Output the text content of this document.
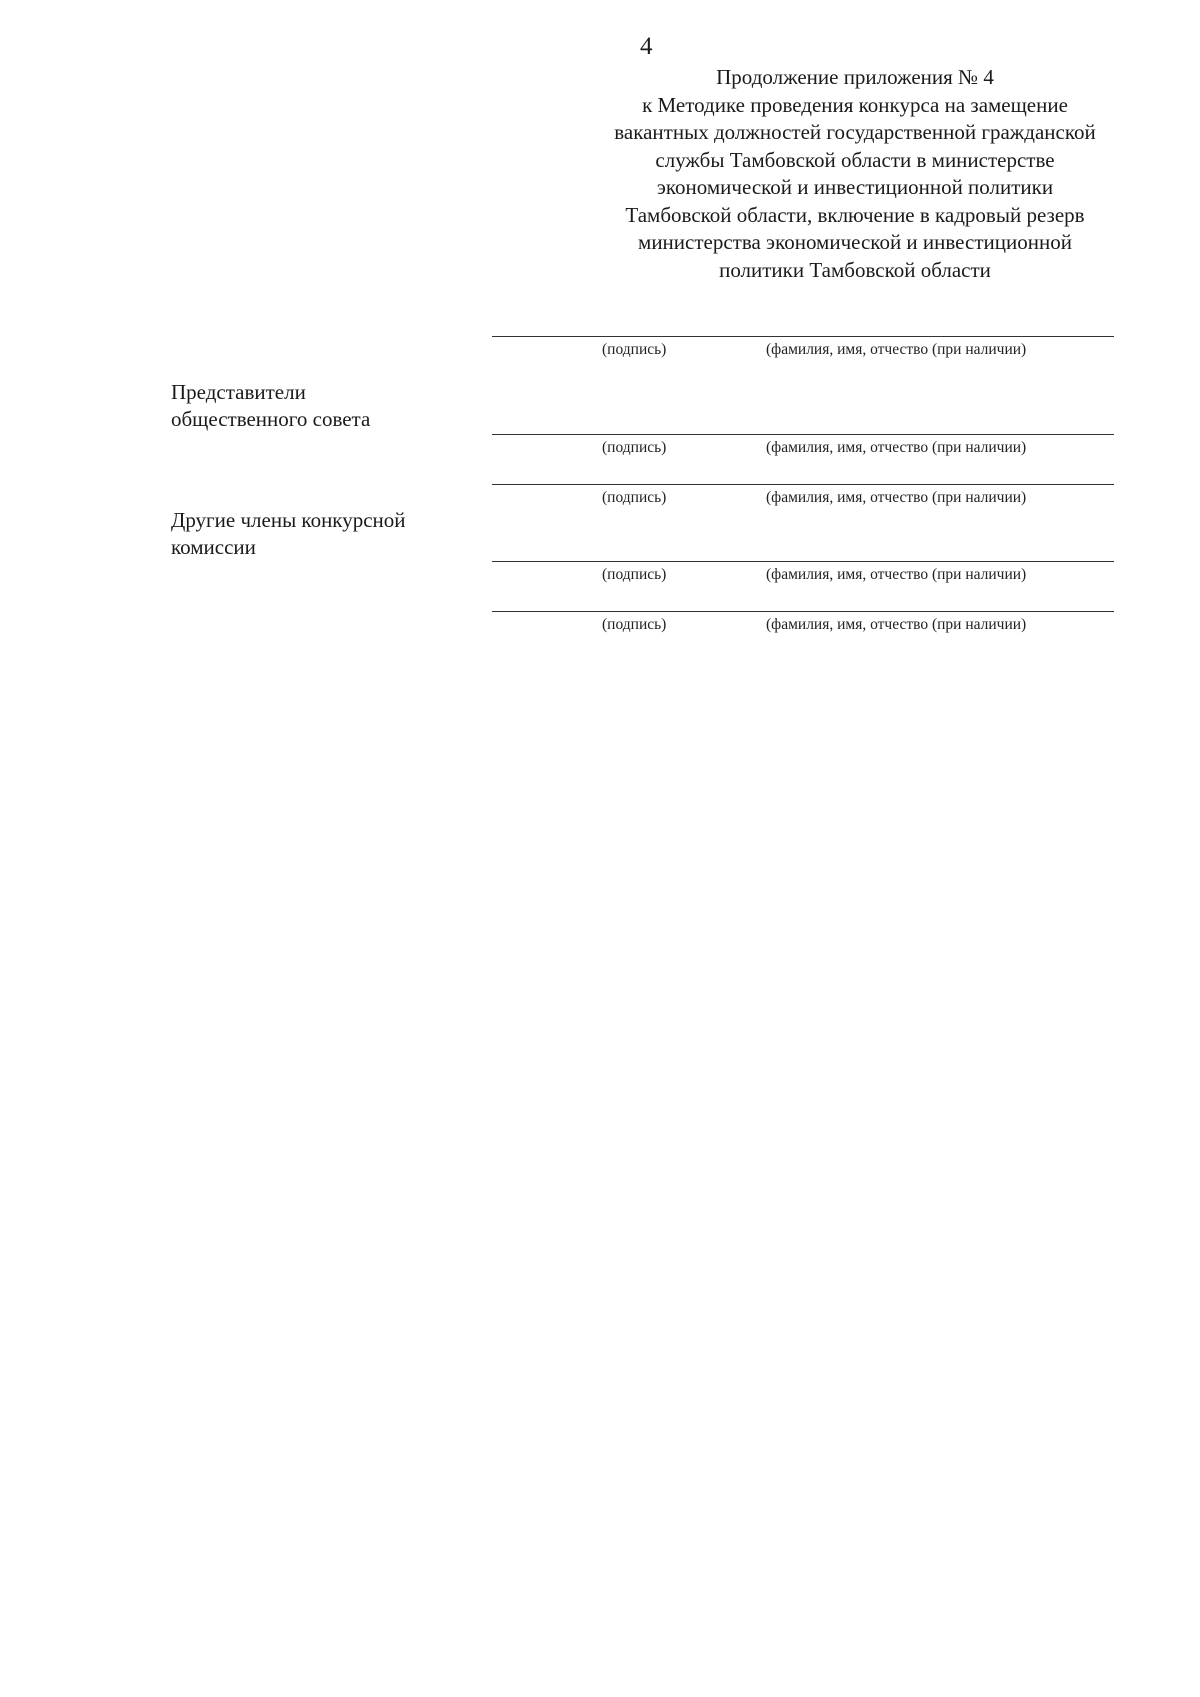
4
Продолжение приложения № 4
к Методике проведения конкурса на замещение
вакантных должностей государственной гражданской
службы Тамбовской области в министерстве
экономической и инвестиционной политики
Тамбовской области, включение в кадровый резерв
министерства экономической и инвестиционной
политики Тамбовской области
(подпись)	(фамилия, имя, отчество (при наличии)
Представители
общественного совета
(подпись)	(фамилия, имя, отчество (при наличии)
(подпись)	(фамилия, имя, отчество (при наличии)
Другие члены конкурсной
комиссии
(подпись)	(фамилия, имя, отчество (при наличии)
(подпись)	(фамилия, имя, отчество (при наличии)
